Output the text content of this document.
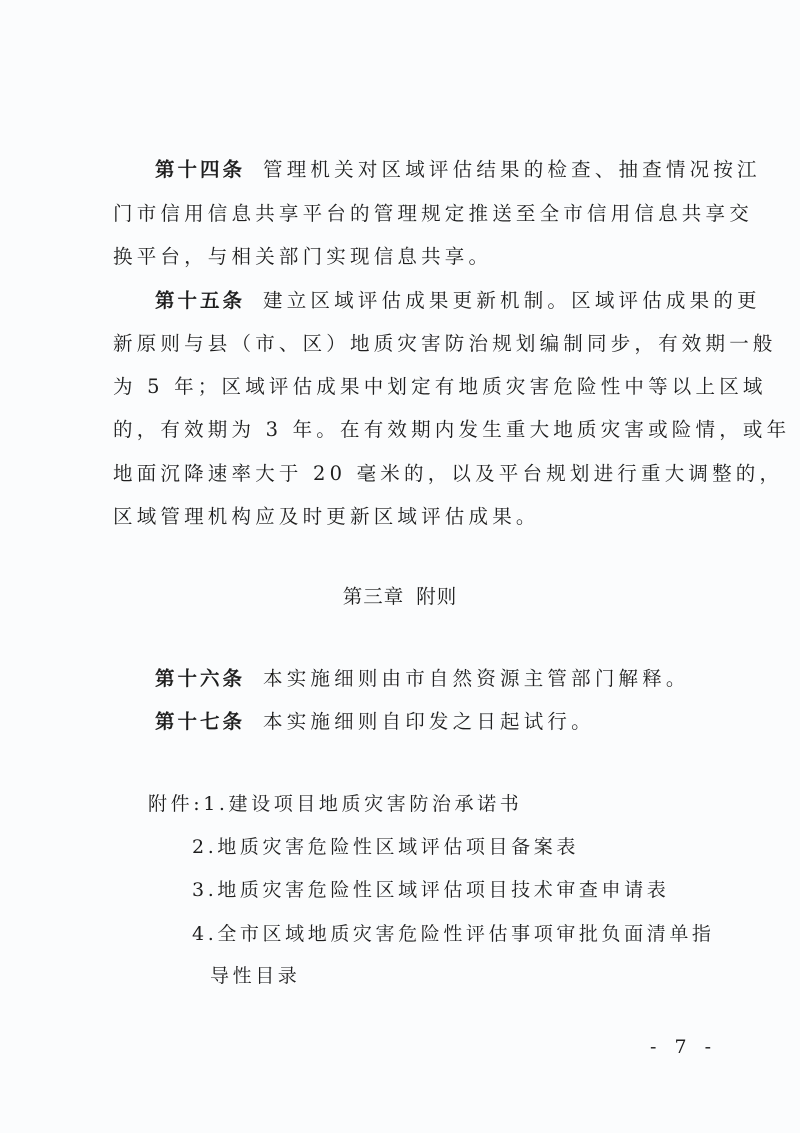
第十四条 管理机关对区域评估结果的检查、抽查情况按江
门市信用信息共享平台的管理规定推送至全市信用信息共享交
换平台，与相关部门实现信息共享。
第十五条 建立区域评估成果更新机制。区域评估成果的更
新原则与县（市、区）地质灾害防治规划编制同步，有效期一般
为 5 年；区域评估成果中划定有地质灾害危险性中等以上区域
的，有效期为 3 年。在有效期内发生重大地质灾害或险情，或年
地面沉降速率大于 20 毫米的，以及平台规划进行重大调整的，
区域管理机构应及时更新区域评估成果。
第三章 附则
第十六条 本实施细则由市自然资源主管部门解释。
第十七条 本实施细则自印发之日起试行。
附件:1.建设项目地质灾害防治承诺书
2.地质灾害危险性区域评估项目备案表
3.地质灾害危险性区域评估项目技术审查申请表
4.全市区域地质灾害危险性评估事项审批负面清单指
导性目录
- 7 -
